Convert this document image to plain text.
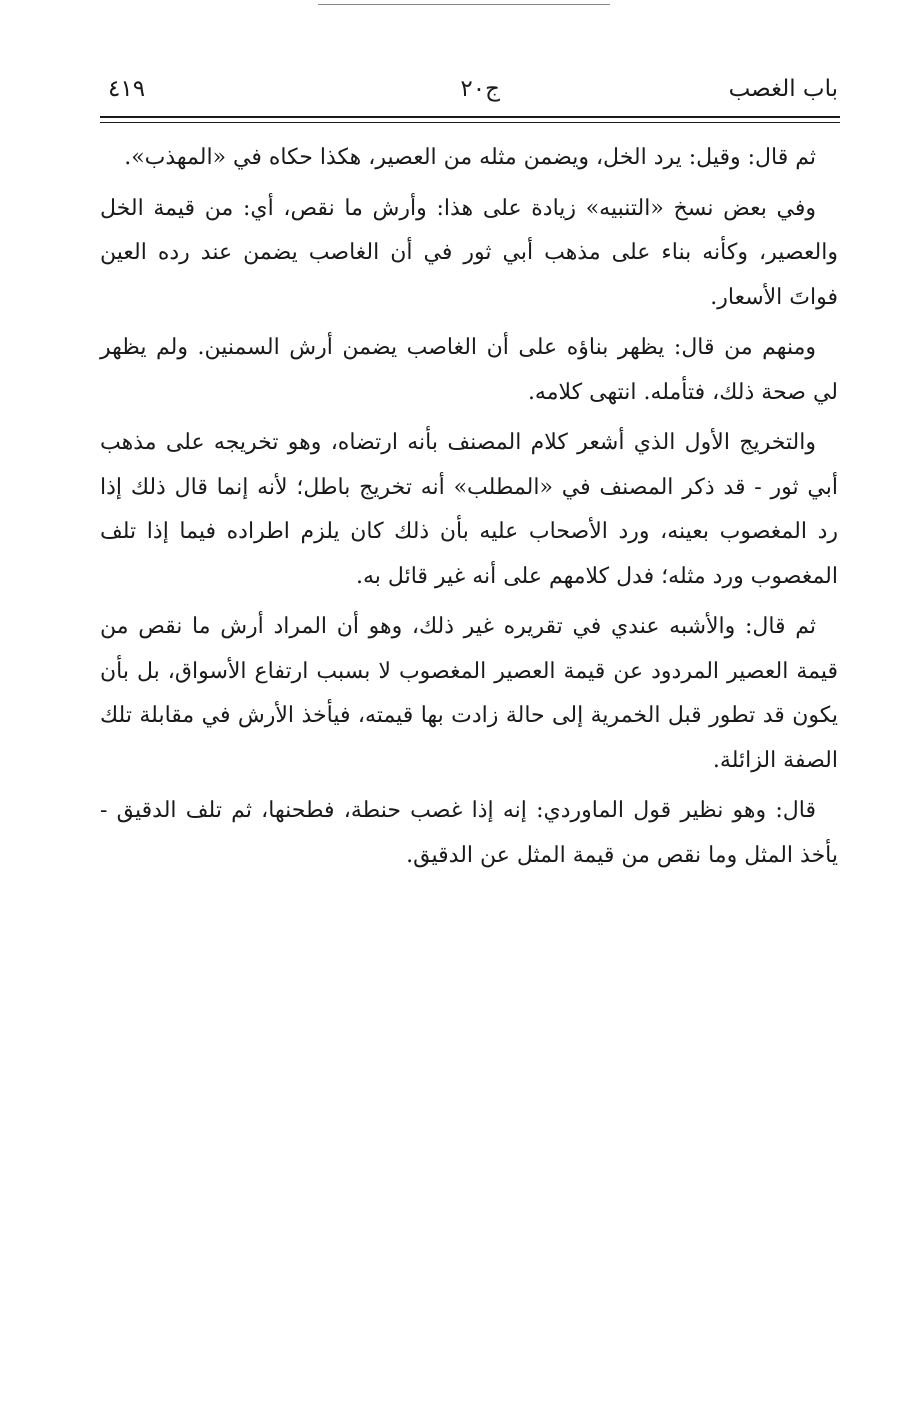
باب الغصب
ج٢٠
٤١٩

ثم قال: وقيل: يرد الخل، ويضمن مثله من العصير، هكذا حكاه في «المهذب».

وفي بعض نسخ «التنبيه» زيادة على هذا: وأرش ما نقص، أي: من قيمة الخل والعصير، وكأنه بناء على مذهب أبي ثور في أن الغاصب يضمن عند رده العين فواتَ الأسعار.

ومنهم من قال: يظهر بناؤه على أن الغاصب يضمن أرش السمنين. ولم يظهر لي صحة ذلك، فتأمله. انتهى كلامه.

والتخريج الأول الذي أشعر كلام المصنف بأنه ارتضاه، وهو تخريجه على مذهب أبي ثور - قد ذكر المصنف في «المطلب» أنه تخريج باطل؛ لأنه إنما قال ذلك إذا رد المغصوب بعينه، ورد الأصحاب عليه بأن ذلك كان يلزم اطراده فيما إذا تلف المغصوب ورد مثله؛ فدل كلامهم على أنه غير قائل به.

ثم قال: والأشبه عندي في تقريره غير ذلك، وهو أن المراد أرش ما نقص من قيمة العصير المردود عن قيمة العصير المغصوب لا بسبب ارتفاع الأسواق، بل بأن يكون قد تطور قبل الخمرية إلى حالة زادت بها قيمته، فيأخذ الأرش في مقابلة تلك الصفة الزائلة.

قال: وهو نظير قول الماوردي: إنه إذا غصب حنطة، فطحنها، ثم تلف الدقيق - يأخذ المثل وما نقص من قيمة المثل عن الدقيق.
